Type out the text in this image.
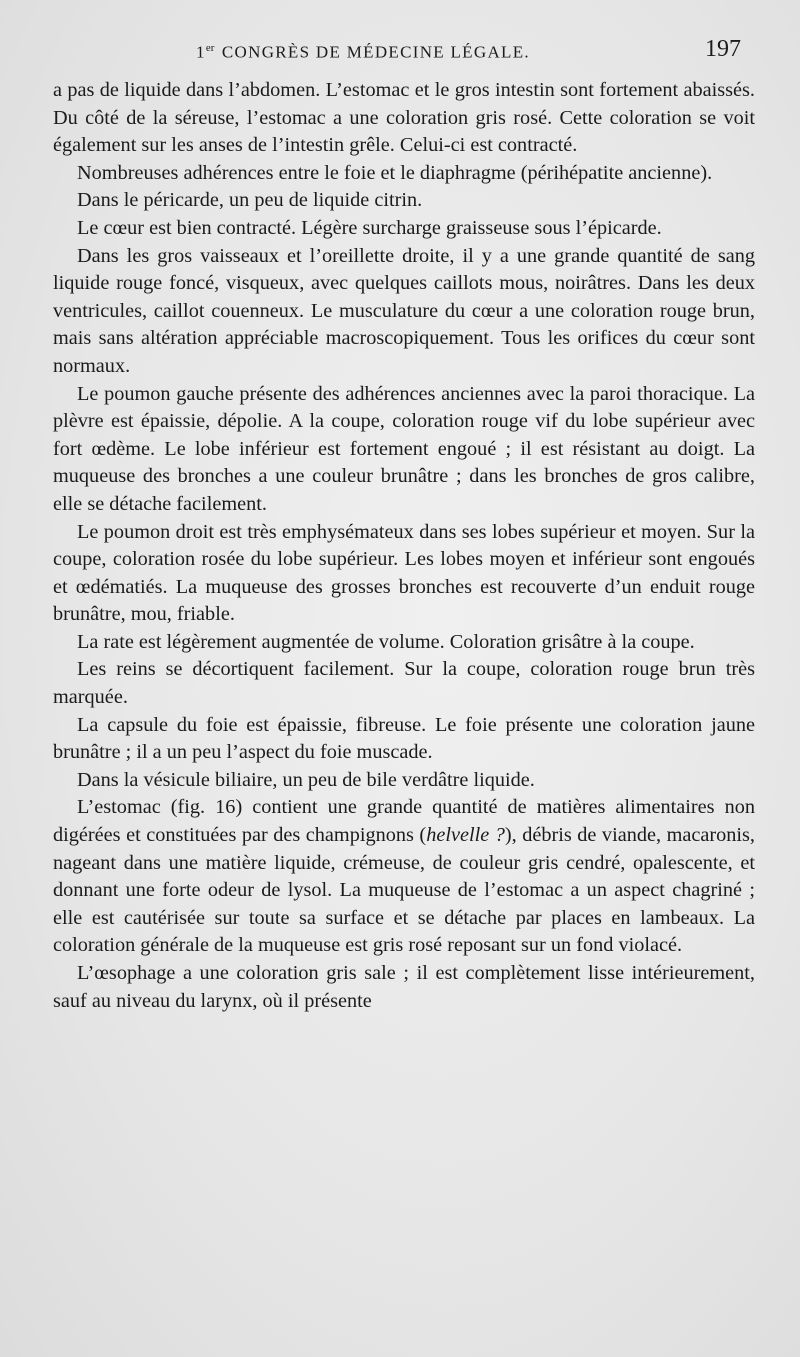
1er CONGRÈS DE MÉDECINE LÉGALE.	197

a pas de liquide dans l’abdomen. L’estomac et le gros intestin sont fortement abaissés. Du côté de la séreuse, l’estomac a une coloration gris rosé. Cette coloration se voit également sur les anses de l’intestin grêle. Celui-ci est contracté.

Nombreuses adhérences entre le foie et le diaphragme (périhépatite ancienne).

Dans le péricarde, un peu de liquide citrin.

Le cœur est bien contracté. Légère surcharge graisseuse sous l’épicarde.

Dans les gros vaisseaux et l’oreillette droite, il y a une grande quantité de sang liquide rouge foncé, visqueux, avec quelques caillots mous, noirâtres. Dans les deux ventricules, caillot couenneux. Le musculature du cœur a une coloration rouge brun, mais sans altération appréciable macroscopiquement. Tous les orifices du cœur sont normaux.

Le poumon gauche présente des adhérences anciennes avec la paroi thoracique. La plèvre est épaissie, dépolie. A la coupe, coloration rouge vif du lobe supérieur avec fort œdème. Le lobe inférieur est fortement engoué ; il est résistant au doigt. La muqueuse des bronches a une couleur brunâtre ; dans les bronches de gros calibre, elle se détache facilement.

Le poumon droit est très emphysémateux dans ses lobes supérieur et moyen. Sur la coupe, coloration rosée du lobe supérieur. Les lobes moyen et inférieur sont engoués et œdématiés. La muqueuse des grosses bronches est recouverte d’un enduit rouge brunâtre, mou, friable.

La rate est légèrement augmentée de volume. Coloration grisâtre à la coupe.

Les reins se décortiquent facilement. Sur la coupe, coloration rouge brun très marquée.

La capsule du foie est épaissie, fibreuse. Le foie présente une coloration jaune brunâtre ; il a un peu l’aspect du foie muscade.

Dans la vésicule biliaire, un peu de bile verdâtre liquide.

L’estomac (fig. 16) contient une grande quantité de matières alimentaires non digérées et constituées par des champignons (helvelle ?), débris de viande, macaronis, nageant dans une matière liquide, crémeuse, de couleur gris cendré, opalescente, et donnant une forte odeur de lysol. La muqueuse de l’estomac a un aspect chagriné ; elle est cautérisée sur toute sa surface et se détache par places en lambeaux. La coloration générale de la muqueuse est gris rosé reposant sur un fond violacé.

L’œsophage a une coloration gris sale ; il est complètement lisse intérieurement, sauf au niveau du larynx, où il présente
